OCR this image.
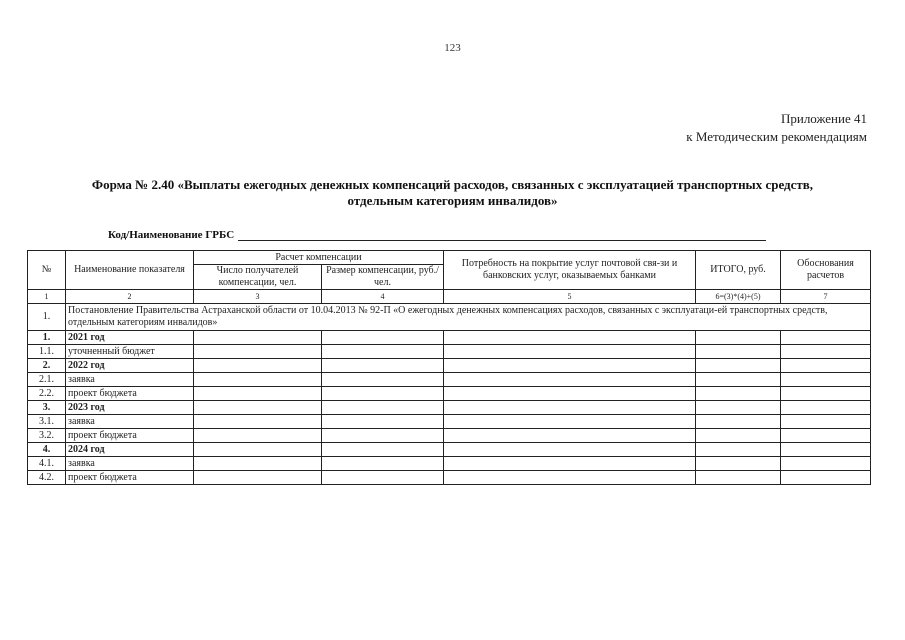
123
Приложение 41
к Методическим рекомендациям
Форма № 2.40 «Выплаты ежегодных денежных компенсаций расходов, связанных с эксплуатацией транспортных средств,
отдельным категориям инвалидов»
Код/Наименование ГРБС
№	Наименование показателя	Расчет компенсации		Потребность на покрытие услуг почтовой свя-зи и банковских услуг, оказываемых банками	ИТОГО, руб.	Обоснования расчетов
		Число получателей компенсации, чел.	Размер компенсации, руб./чел.			
1	2	3	4	5	6=(3)*(4)+(5)	7
1.	Постановление Правительства Астраханской области от 10.04.2013 № 92-П «О ежегодных денежных компенсациях расходов, связанных с эксплуатаци-ей транспортных средств, отдельным категориям инвалидов»					
1.	2021 год					
1.1.	уточненный бюджет					
2.	2022 год					
2.1.	заявка					
2.2.	проект бюджета					
3.	2023 год					
3.1.	заявка					
3.2.	проект бюджета					
4.	2024 год					
4.1.	заявка					
4.2.	проект бюджета					
